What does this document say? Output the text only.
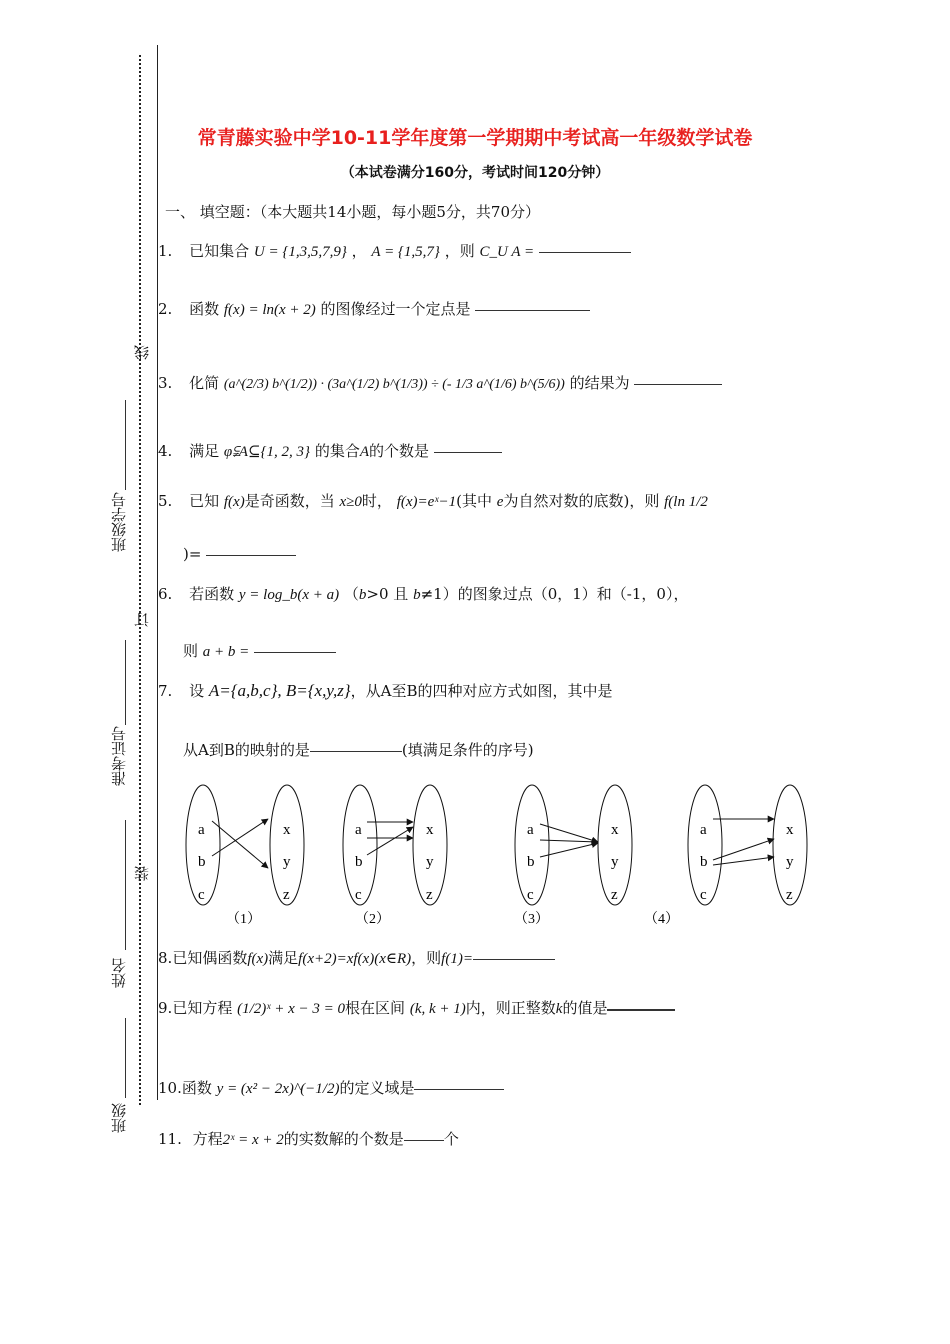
线
订
装
班级学号
准考证号
姓名
班级
常青藤实验中学10-11学年度第一学期期中考试高一年级数学试卷
（本试卷满分160分，考试时间120分钟）
一、 填空题：（本大题共14小题，每小题5分，共70分）
1. 已知集合 U = {1,3,5,7,9} ， A = {1,5,7} ，则 C_U A =
2. 函数 f(x) = ln(x + 2) 的图像经过一个定点是
3. 化简 (a^(2/3) b^(1/2)) · (3a^(1/2) b^(1/3)) ÷ (- 1/3 a^(1/6) b^(5/6)) 的结果为
4. 满足 φ⫋A⊆{1, 2, 3} 的集合A的个数是
5. 已知 f(x)是奇函数，当 x≥0时， f(x)=eˣ−1(其中 e为自然对数的底数)，则 f(ln 1/2
)=
6. 若函数 y = log_b(x + a) （b>0 且 b≠1）的图象过点（0，1）和（-1，0），
则 a + b =
7. 设 A={a,b,c}, B={x,y,z}，从A至B的四种对应方式如图，其中是
从A到B的映射的是	(填满足条件的序号)
a
b
c
x
y
z
（1）
a
b
c
x
y
z
（2）
a
b
c
x
y
z
（3）
a
b
c
x
y
z
（4）
8.已知偶函数f(x)满足f(x+2)=xf(x)(x∈R)，则f(1)=
9.已知方程 (1/2)ˣ + x − 3 = 0根在区间 (k, k + 1)内，则正整数k的值是
10.函数 y = (x² − 2x)^(−1/2)的定义域是
11. 方程2ˣ = x + 2的实数解的个数是	个
